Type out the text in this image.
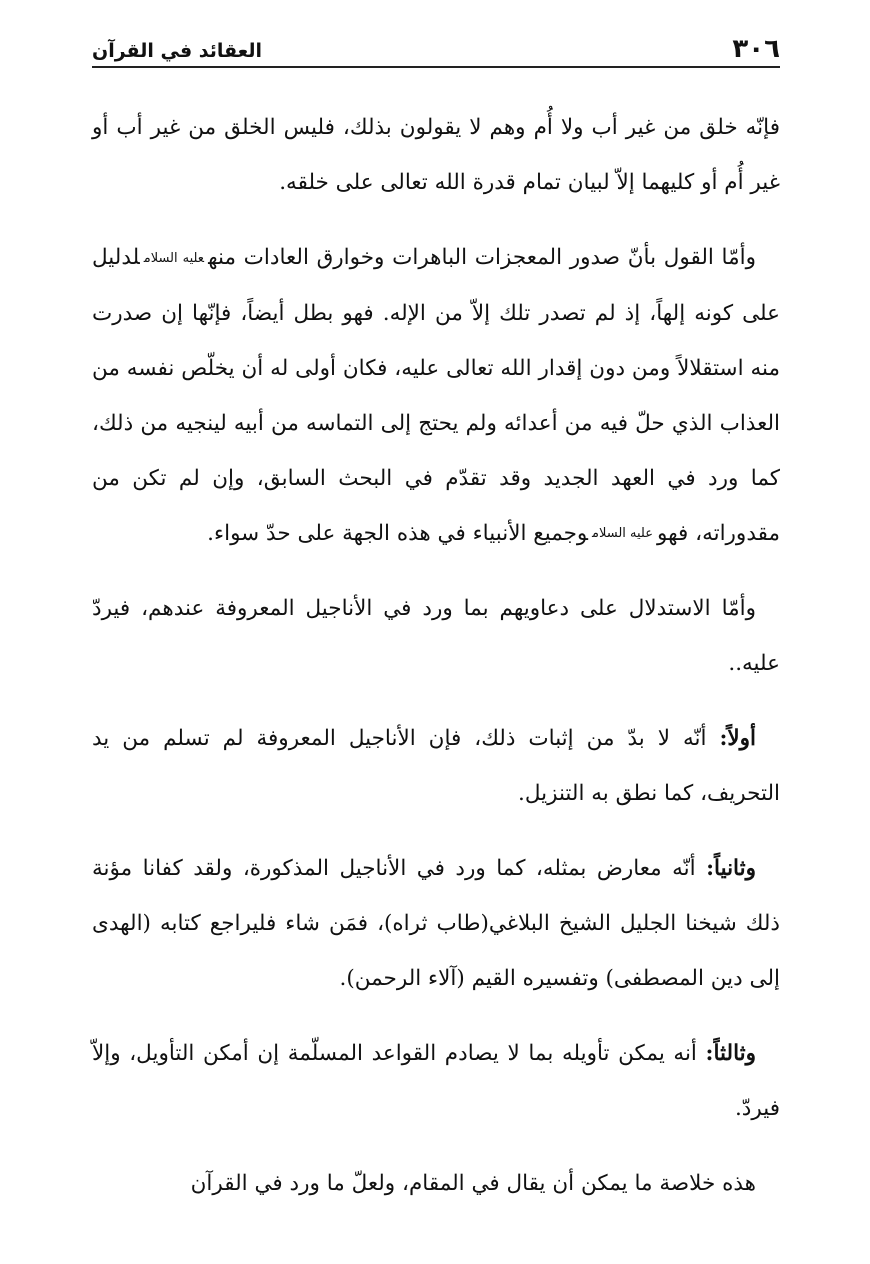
٣٠٦
العقائد في القرآن

فإنّه خلق من غير أب ولا أُم وهم لا يقولون بذلك، فليس الخلق من غير أب أو غير أُم أو كليهما إلاّ لبيان تمام قدرة الله تعالى على خلقه.

وأمّا القول بأنّ صدور المعجزات الباهرات وخوارق العادات منهعليه السلاملدليل على كونه إلهاً، إذ لم تصدر تلك إلاّ من الإله. فهو بطل أيضاً، فإنّها إن صدرت منه استقلالاً ومن دون إقدار الله تعالى عليه، فكان أولى له أن يخلّص نفسه من العذاب الذي حلّ فيه من أعدائه ولم يحتج إلى التماسه من أبيه لينجيه من ذلك، كما ورد في العهد الجديد وقد تقدّم في البحث السابق، وإن لم تكن من مقدوراته، فهوعليه السلاموجميع الأنبياء في هذه الجهة على حدّ سواء.

وأمّا الاستدلال على دعاويهم بما ورد في الأناجيل المعروفة عندهم، فيردّ عليه..

أولاً: أنّه لا بدّ من إثبات ذلك، فإن الأناجيل المعروفة لم تسلم من يد التحريف، كما نطق به التنزيل.

وثانياً: أنّه معارض بمثله، كما ورد في الأناجيل المذكورة، ولقد كفانا مؤنة ذلك شيخنا الجليل الشيخ البلاغي(طاب ثراه)، فمَن شاء فليراجع كتابه (الهدى إلى دين المصطفى) وتفسيره القيم (آلاء الرحمن).

وثالثاً: أنه يمكن تأويله بما لا يصادم القواعد المسلّمة إن أمكن التأويل، وإلاّ فيردّ.

هذه خلاصة ما يمكن أن يقال في المقام، ولعلّ ما ورد في القرآن
